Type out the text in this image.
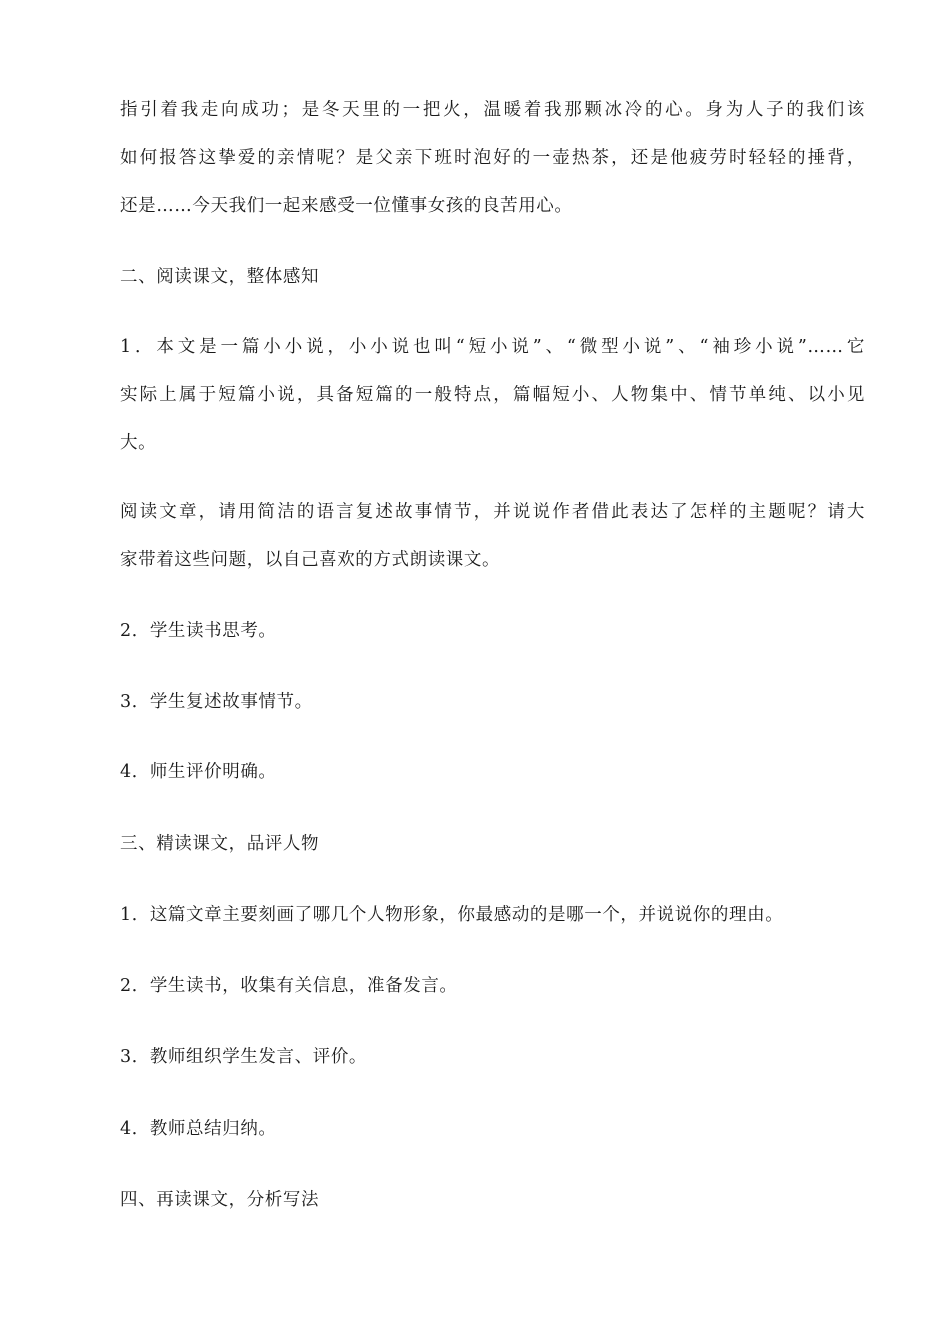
指引着我走向成功；是冬天里的一把火，温暖着我那颗冰冷的心。身为人子的我们该
如何报答这挚爱的亲情呢？是父亲下班时泡好的一壶热茶，还是他疲劳时轻轻的捶背，
还是……今天我们一起来感受一位懂事女孩的良苦用心。
二、阅读课文，整体感知
1．本文是一篇小小说，小小说也叫“短小说”、“微型小说”、“袖珍小说”……它
实际上属于短篇小说，具备短篇的一般特点，篇幅短小、人物集中、情节单纯、以小见
大。
阅读文章，请用简洁的语言复述故事情节，并说说作者借此表达了怎样的主题呢？请大
家带着这些问题，以自己喜欢的方式朗读课文。
2．学生读书思考。
3．学生复述故事情节。
4．师生评价明确。
三、精读课文，品评人物
1．这篇文章主要刻画了哪几个人物形象，你最感动的是哪一个，并说说你的理由。
2．学生读书，收集有关信息，准备发言。
3．教师组织学生发言、评价。
4．教师总结归纳。
四、再读课文，分析写法
